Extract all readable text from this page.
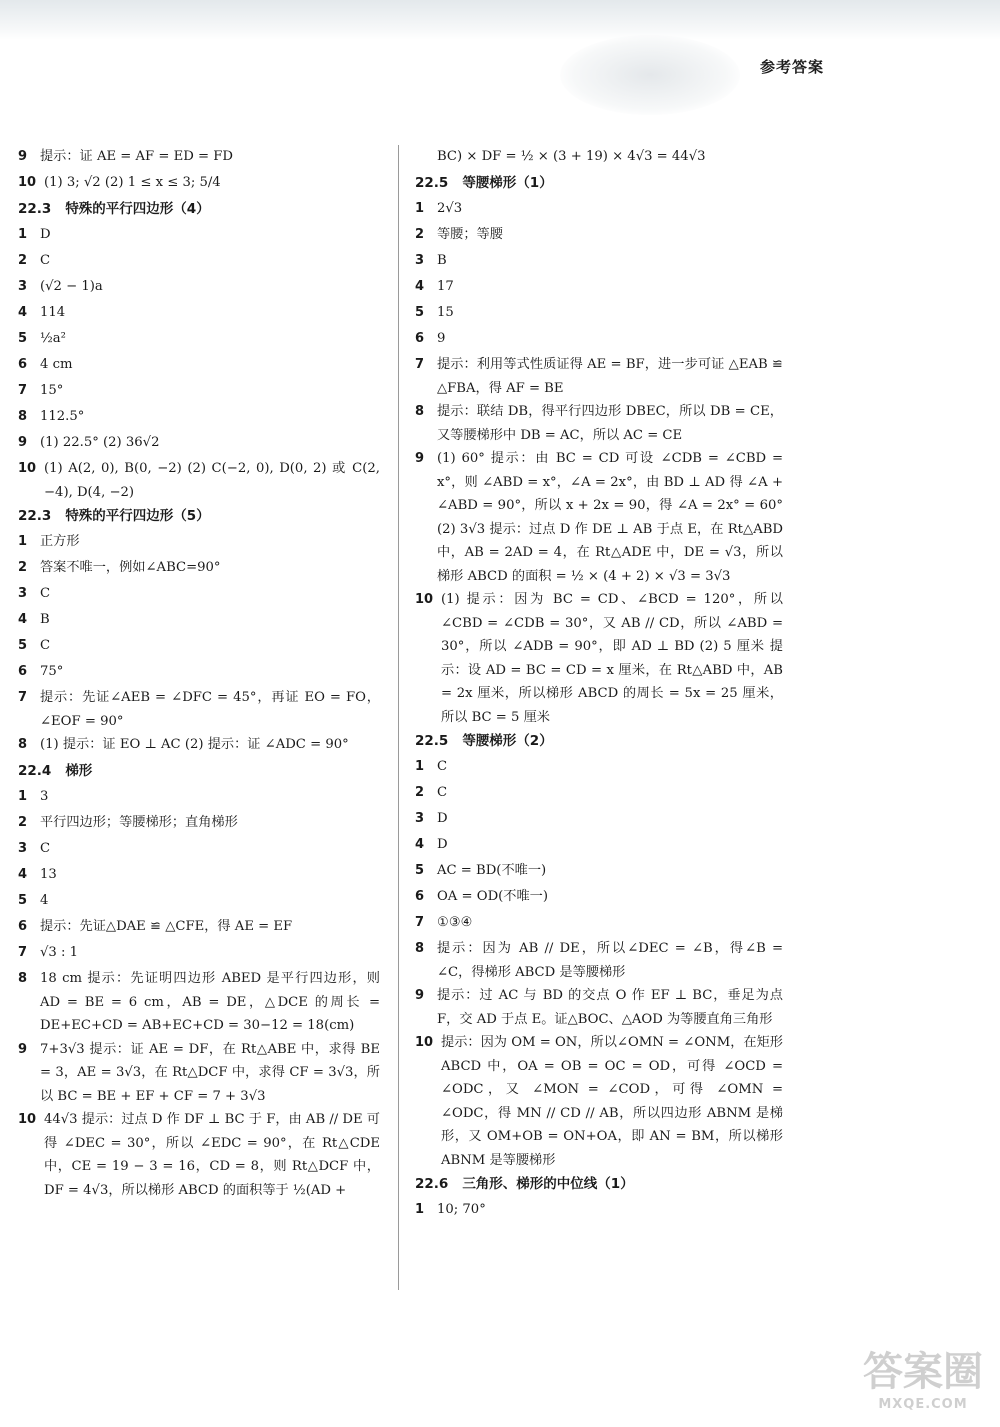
参考答案
9 提示：证 AE = AF = ED = FD
10 (1) 3; √2 (2) 1 ≤ x ≤ 3; 5/4
22.3 特殊的平行四边形（4）
1 D
2 C
3 (√2 − 1)a
4 114
5 ½a²
6 4 cm
7 15°
8 112.5°
9 (1) 22.5° (2) 36√2
10 (1) A(2, 0), B(0, −2) (2) C(−2, 0), D(0, 2) 或 C(2, −4), D(4, −2)
22.3 特殊的平行四边形（5）
1 正方形
2 答案不唯一，例如∠ABC=90°
3 C
4 B
5 C
6 75°
7 提示：先证∠AEB = ∠DFC = 45°，再证 EO = FO，∠EOF = 90°
8 (1) 提示：证 EO ⊥ AC (2) 提示：证 ∠ADC = 90°
22.4 梯形
1 3
2 平行四边形；等腰梯形；直角梯形
3 C
4 13
5 4
6 提示：先证△DAE ≌ △CFE，得 AE = EF
7 √3 : 1
8 18 cm 提示：先证明四边形 ABED 是平行四边形，则 AD = BE = 6 cm，AB = DE，△DCE 的周长 = DE+EC+CD = AB+EC+CD = 30−12 = 18(cm)
9 7+3√3 提示：证 AE = DF，在 Rt△ABE 中，求得 BE = 3，AE = 3√3，在 Rt△DCF 中，求得 CF = 3√3，所以 BC = BE + EF + CF = 7 + 3√3
10 44√3 提示：过点 D 作 DF ⊥ BC 于 F，由 AB // DE 可得 ∠DEC = 30°，所以 ∠EDC = 90°，在 Rt△CDE 中，CE = 19 − 3 = 16，CD = 8，则 Rt△DCF 中，DF = 4√3，所以梯形 ABCD 的面积等于 ½(AD +
BC) × DF = ½ × (3 + 19) × 4√3 = 44√3
22.5 等腰梯形（1）
1 2√3
2 等腰；等腰
3 B
4 17
5 15
6 9
7 提示：利用等式性质证得 AE = BF，进一步可证 △EAB ≌ △FBA，得 AF = BE
8 提示：联结 DB，得平行四边形 DBEC，所以 DB = CE，又等腰梯形中 DB = AC，所以 AC = CE
9 (1) 60° 提示：由 BC = CD 可设 ∠CDB = ∠CBD = x°，则 ∠ABD = x°，∠A = 2x°，由 BD ⊥ AD 得 ∠A + ∠ABD = 90°，所以 x + 2x = 90，得 ∠A = 2x° = 60° (2) 3√3 提示：过点 D 作 DE ⊥ AB 于点 E，在 Rt△ABD 中，AB = 2AD = 4，在 Rt△ADE 中，DE = √3，所以梯形 ABCD 的面积 = ½ × (4 + 2) × √3 = 3√3
10 (1) 提示：因为 BC = CD、∠BCD = 120°，所以 ∠CBD = ∠CDB = 30°，又 AB // CD，所以 ∠ABD = 30°，所以 ∠ADB = 90°，即 AD ⊥ BD (2) 5 厘米 提示：设 AD = BC = CD = x 厘米，在 Rt△ABD 中，AB = 2x 厘米，所以梯形 ABCD 的周长 = 5x = 25 厘米，所以 BC = 5 厘米
22.5 等腰梯形（2）
1 C
2 C
3 D
4 D
5 AC = BD(不唯一)
6 OA = OD(不唯一)
7 ①③④
8 提示：因为 AB // DE，所以∠DEC = ∠B，得∠B = ∠C，得梯形 ABCD 是等腰梯形
9 提示：过 AC 与 BD 的交点 O 作 EF ⊥ BC，垂足为点 F，交 AD 于点 E。证△BOC、△AOD 为等腰直角三角形
10 提示：因为 OM = ON，所以∠OMN = ∠ONM，在矩形 ABCD 中，OA = OB = OC = OD，可得 ∠OCD = ∠ODC，又 ∠MON = ∠COD，可得 ∠OMN = ∠ODC，得 MN // CD // AB，所以四边形 ABNM 是梯形，又 OM+OB = ON+OA，即 AN = BM，所以梯形 ABNM 是等腰梯形
22.6 三角形、梯形的中位线（1）
1 10; 70°
答案圈
MXQE.COM
